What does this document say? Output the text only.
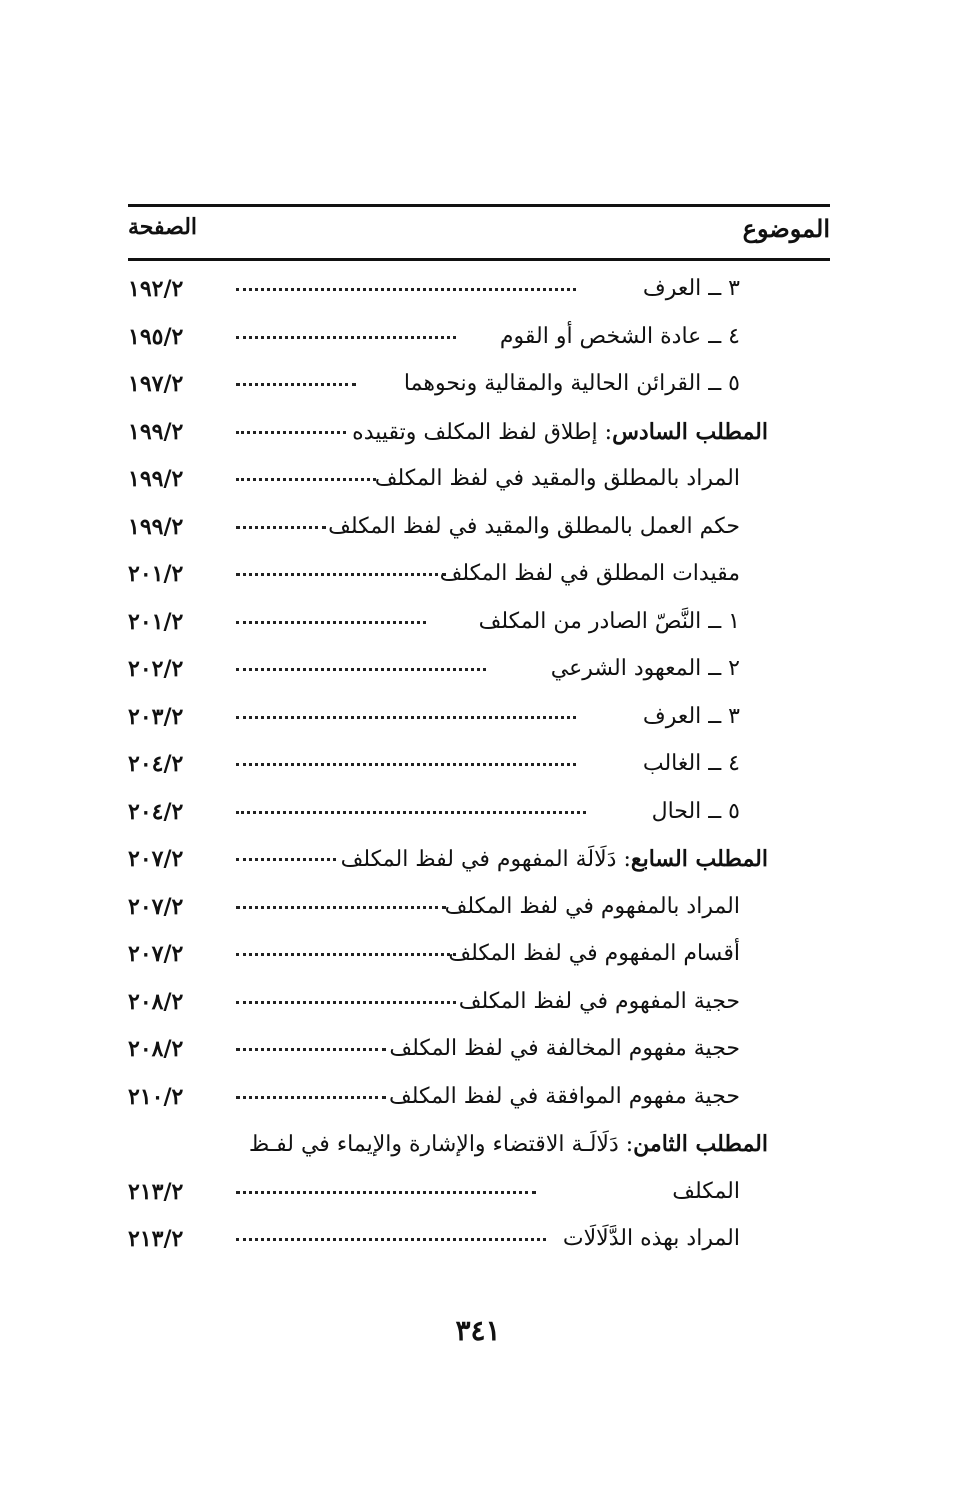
الموضوع
الصفحة
٣ ــ العرف
١٩٢/٢
٤ ــ عادة الشخص أو القوم
١٩٥/٢
٥ ــ القرائن الحالية والمقالية ونحوهما
١٩٧/٢
المطلب السادس: إطلاق لفظ المكلف وتقييده
١٩٩/٢
المراد بالمطلق والمقيد في لفظ المكلف
١٩٩/٢
حكم العمل بالمطلق والمقيد في لفظ المكلف
١٩٩/٢
مقيدات المطلق في لفظ المكلف
٢٠١/٢
١ ــ النَّصّ الصادر من المكلف
٢٠١/٢
٢ ــ المعهود الشرعي
٢٠٢/٢
٣ ــ العرف
٢٠٣/٢
٤ ــ الغالب
٢٠٤/٢
٥ ــ الحال
٢٠٤/٢
المطلب السابع: دَلَالَة المفهوم في لفظ المكلف
٢٠٧/٢
المراد بالمفهوم في لفظ المكلف
٢٠٧/٢
أقسام المفهوم في لفظ المكلف
٢٠٧/٢
حجية المفهوم في لفظ المكلف
٢٠٨/٢
حجية مفهوم المخالفة في لفظ المكلف
٢٠٨/٢
حجية مفهوم الموافقة في لفظ المكلف
٢١٠/٢
المطلب الثامن: دَلَالَـة الاقتضاء والإشارة والإيماء في لفـظ
المكلف
٢١٣/٢
المراد بهذه الدَّلَالَات
٢١٣/٢
٣٤١
